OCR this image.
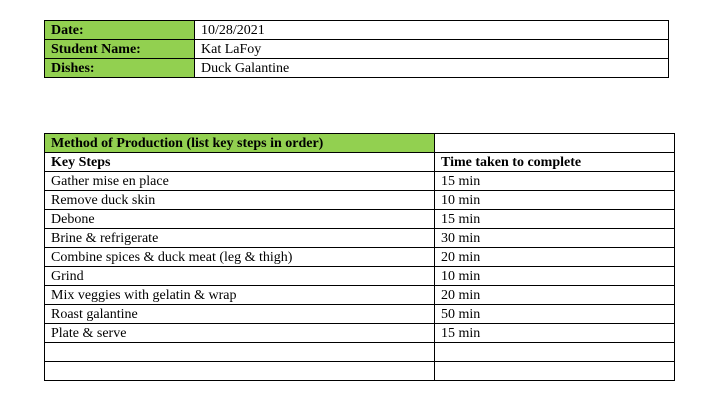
Date:	10/28/2021
Student Name:	Kat LaFoy
Dishes:	Duck Galantine
Method of Production (list key steps in order)	
Key Steps	Time taken to complete
Gather mise en place	15 min
Remove duck skin	10 min
Debone	15 min
Brine & refrigerate	30 min
Combine spices & duck meat (leg & thigh)	20 min
Grind	10 min
Mix veggies with gelatin & wrap	20 min
Roast galantine	50 min
Plate & serve	15 min
